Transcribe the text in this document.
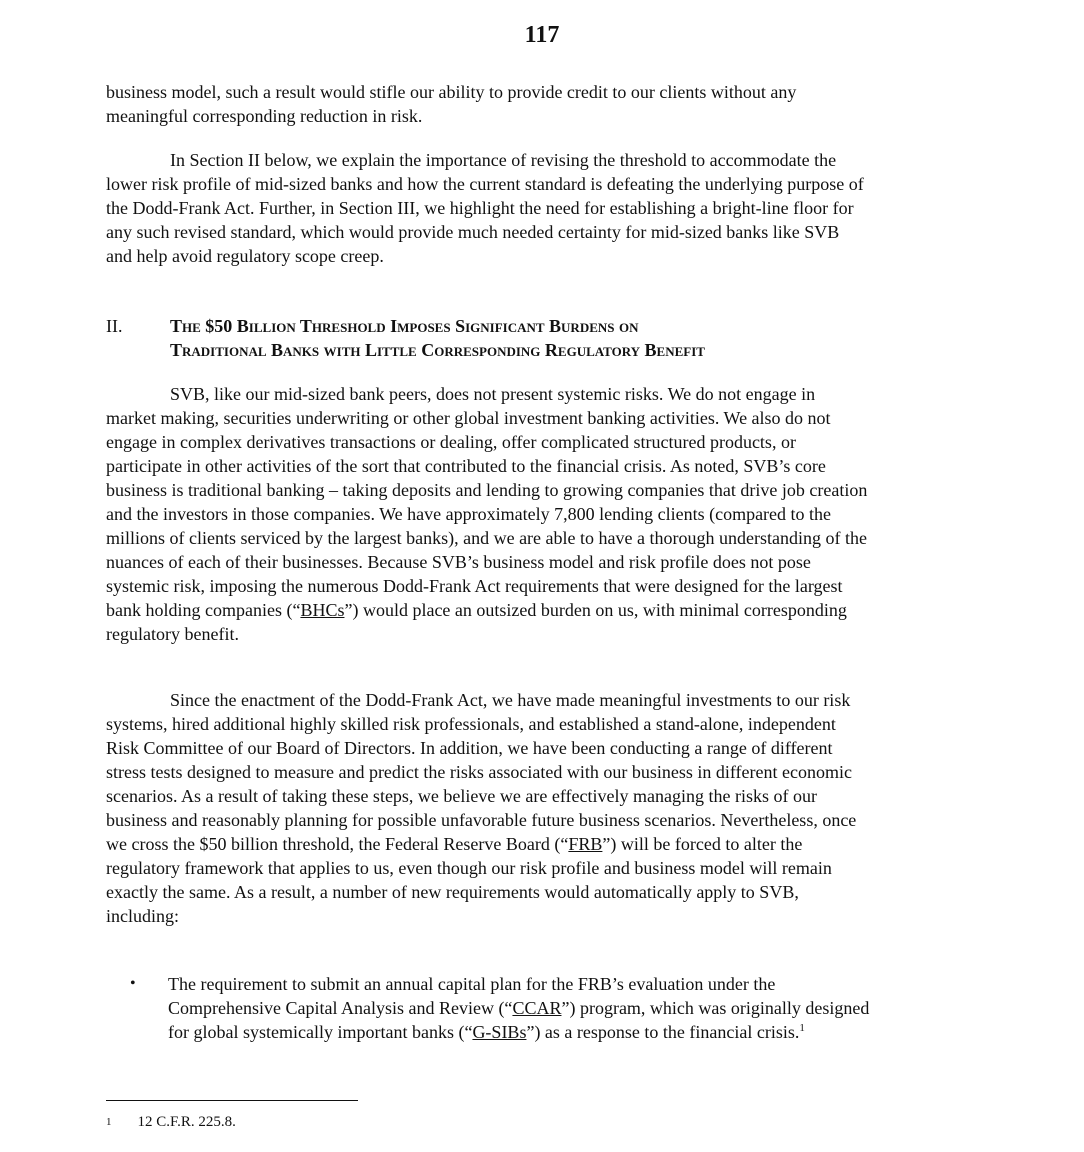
117

business model, such a result would stifle our ability to provide credit to our clients without any meaningful corresponding reduction in risk.

In Section II below, we explain the importance of revising the threshold to accommodate the lower risk profile of mid-sized banks and how the current standard is defeating the underlying purpose of the Dodd-Frank Act. Further, in Section III, we highlight the need for establishing a bright-line floor for any such revised standard, which would provide much needed certainty for mid-sized banks like SVB and help avoid regulatory scope creep.

II.	The $50 Billion Threshold Imposes Significant Burdens on
Traditional Banks with Little Corresponding Regulatory Benefit

SVB, like our mid-sized bank peers, does not present systemic risks. We do not engage in market making, securities underwriting or other global investment banking activities. We also do not engage in complex derivatives transactions or dealing, offer complicated structured products, or participate in other activities of the sort that contributed to the financial crisis. As noted, SVB’s core business is traditional banking – taking deposits and lending to growing companies that drive job creation and the investors in those companies. We have approximately 7,800 lending clients (compared to the millions of clients serviced by the largest banks), and we are able to have a thorough understanding of the nuances of each of their businesses. Because SVB’s business model and risk profile does not pose systemic risk, imposing the numerous Dodd-Frank Act requirements that were designed for the largest bank holding companies (“BHCs”) would place an outsized burden on us, with minimal corresponding regulatory benefit.

Since the enactment of the Dodd-Frank Act, we have made meaningful investments to our risk systems, hired additional highly skilled risk professionals, and established a stand-alone, independent Risk Committee of our Board of Directors. In addition, we have been conducting a range of different stress tests designed to measure and predict the risks associated with our business in different economic scenarios. As a result of taking these steps, we believe we are effectively managing the risks of our business and reasonably planning for possible unfavorable future business scenarios. Nevertheless, once we cross the $50 billion threshold, the Federal Reserve Board (“FRB”) will be forced to alter the regulatory framework that applies to us, even though our risk profile and business model will remain exactly the same. As a result, a number of new requirements would automatically apply to SVB, including:

• The requirement to submit an annual capital plan for the FRB’s evaluation under the Comprehensive Capital Analysis and Review (“CCAR”) program, which was originally designed for global systemically important banks (“G-SIBs”) as a response to the financial crisis.$^1$
$^1$ 12 C.F.R. 225.8.
